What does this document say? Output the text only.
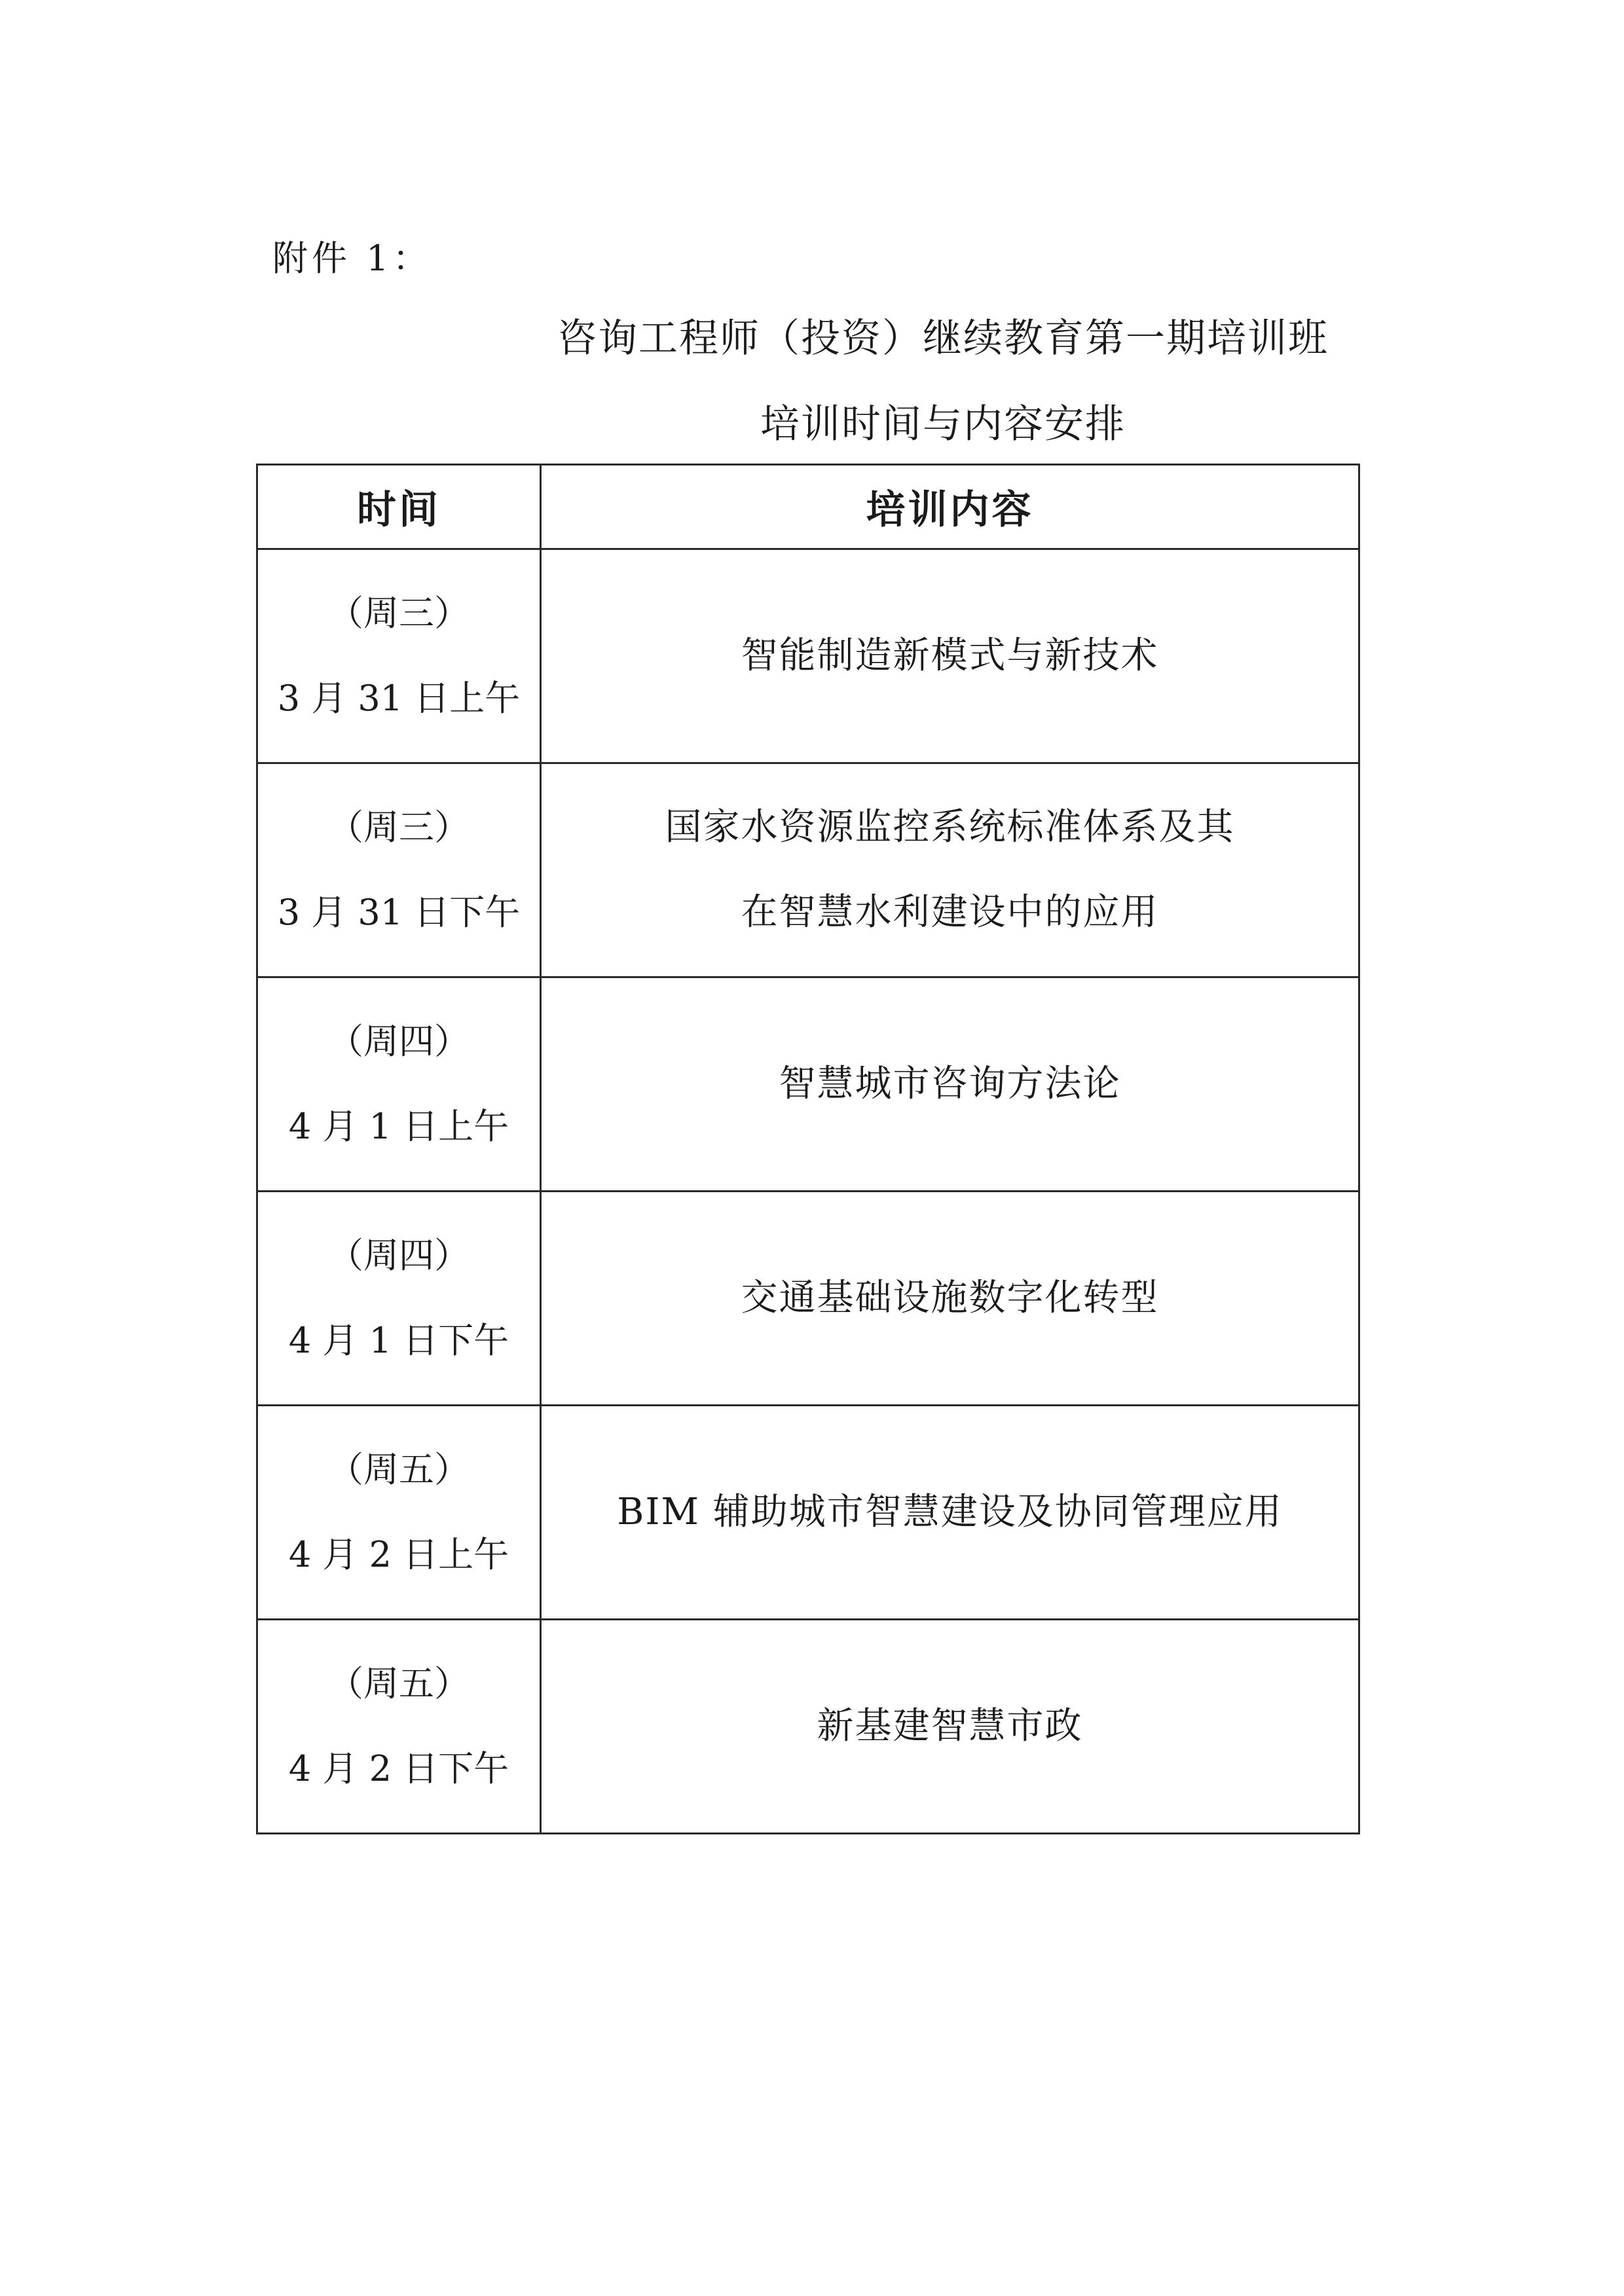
附件 1：
咨询工程师（投资）继续教育第一期培训班
培训时间与内容安排
时间	培训内容

（周三）
3 月 31 日上午	智能制造新模式与新技术

（周三）
3 月 31 日下午	国家水资源监控系统标准体系及其
在智慧水利建设中的应用

（周四）
4 月 1 日上午	智慧城市咨询方法论

（周四）
4 月 1 日下午	交通基础设施数字化转型

（周五）
4 月 2 日上午	BIM 辅助城市智慧建设及协同管理应用

（周五）
4 月 2 日下午	新基建智慧市政
